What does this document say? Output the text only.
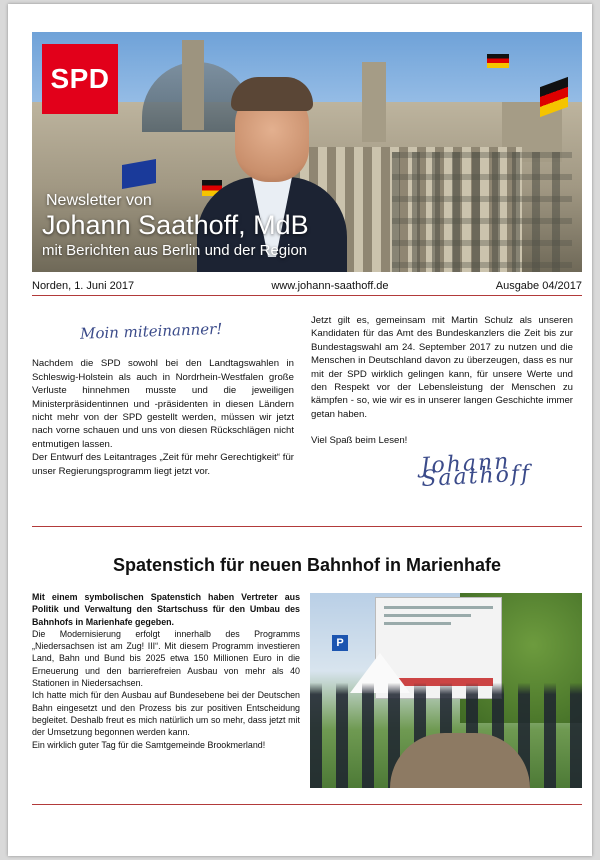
SPD
Newsletter von
Johann Saathoff, MdB
mit Berichten aus Berlin und der Region
Norden, 1. Juni 2017	www.johann-saathoff.de	Ausgabe 04/2017
Moin miteinanner!

Nachdem die SPD sowohl bei den Landtagswahlen in Schleswig-Holstein als auch in Nordrhein-Westfalen große Verluste hinnehmen musste und die jeweiligen Ministerpräsidentinnen und -präsidenten in diesen Ländern nicht mehr von der SPD gestellt werden, müssen wir jetzt nach vorne schauen und uns von diesen Rückschlägen nicht entmutigen lassen.

Der Entwurf des Leitantrages „Zeit für mehr Gerechtigkeit“ für unser Regierungsprogramm liegt jetzt vor.

Jetzt gilt es, gemeinsam mit Martin Schulz als unseren Kandidaten für das Amt des Bundeskanzlers die Zeit bis zur Bundestagswahl am 24. September 2017 zu nutzen und die Menschen in Deutschland davon zu überzeugen, dass es nur mit der SPD wirklich gelingen kann, für unsere Werte und den Respekt vor der Lebensleistung der Menschen zu kämpfen - so, wie wir es in unserer langen Geschichte immer getan haben.

Viel Spaß beim Lesen!

Johann Saathoff
Spatenstich für neuen Bahnhof in Marienhafe

Mit einem symbolischen Spatenstich haben Vertreter aus Politik und Verwaltung den Startschuss für den Umbau des Bahnhofs in Marienhafe gegeben.

Die Modernisierung erfolgt innerhalb des Programms „Niedersachsen ist am Zug! III“. Mit diesem Programm investieren Land, Bahn und Bund bis 2025 etwa 150 Millionen Euro in die Erneuerung und den barrierefreien Ausbau von mehr als 40 Stationen in Niedersachsen.

Ich hatte mich für den Ausbau auf Bundesebene bei der Deutschen Bahn eingesetzt und den Prozess bis zur positiven Entscheidung begleitet. Deshalb freut es mich natürlich um so mehr, dass jetzt mit der Umsetzung begonnen werden kann.

Ein wirklich guter Tag für die Samtgemeinde Brookmerland!

P
